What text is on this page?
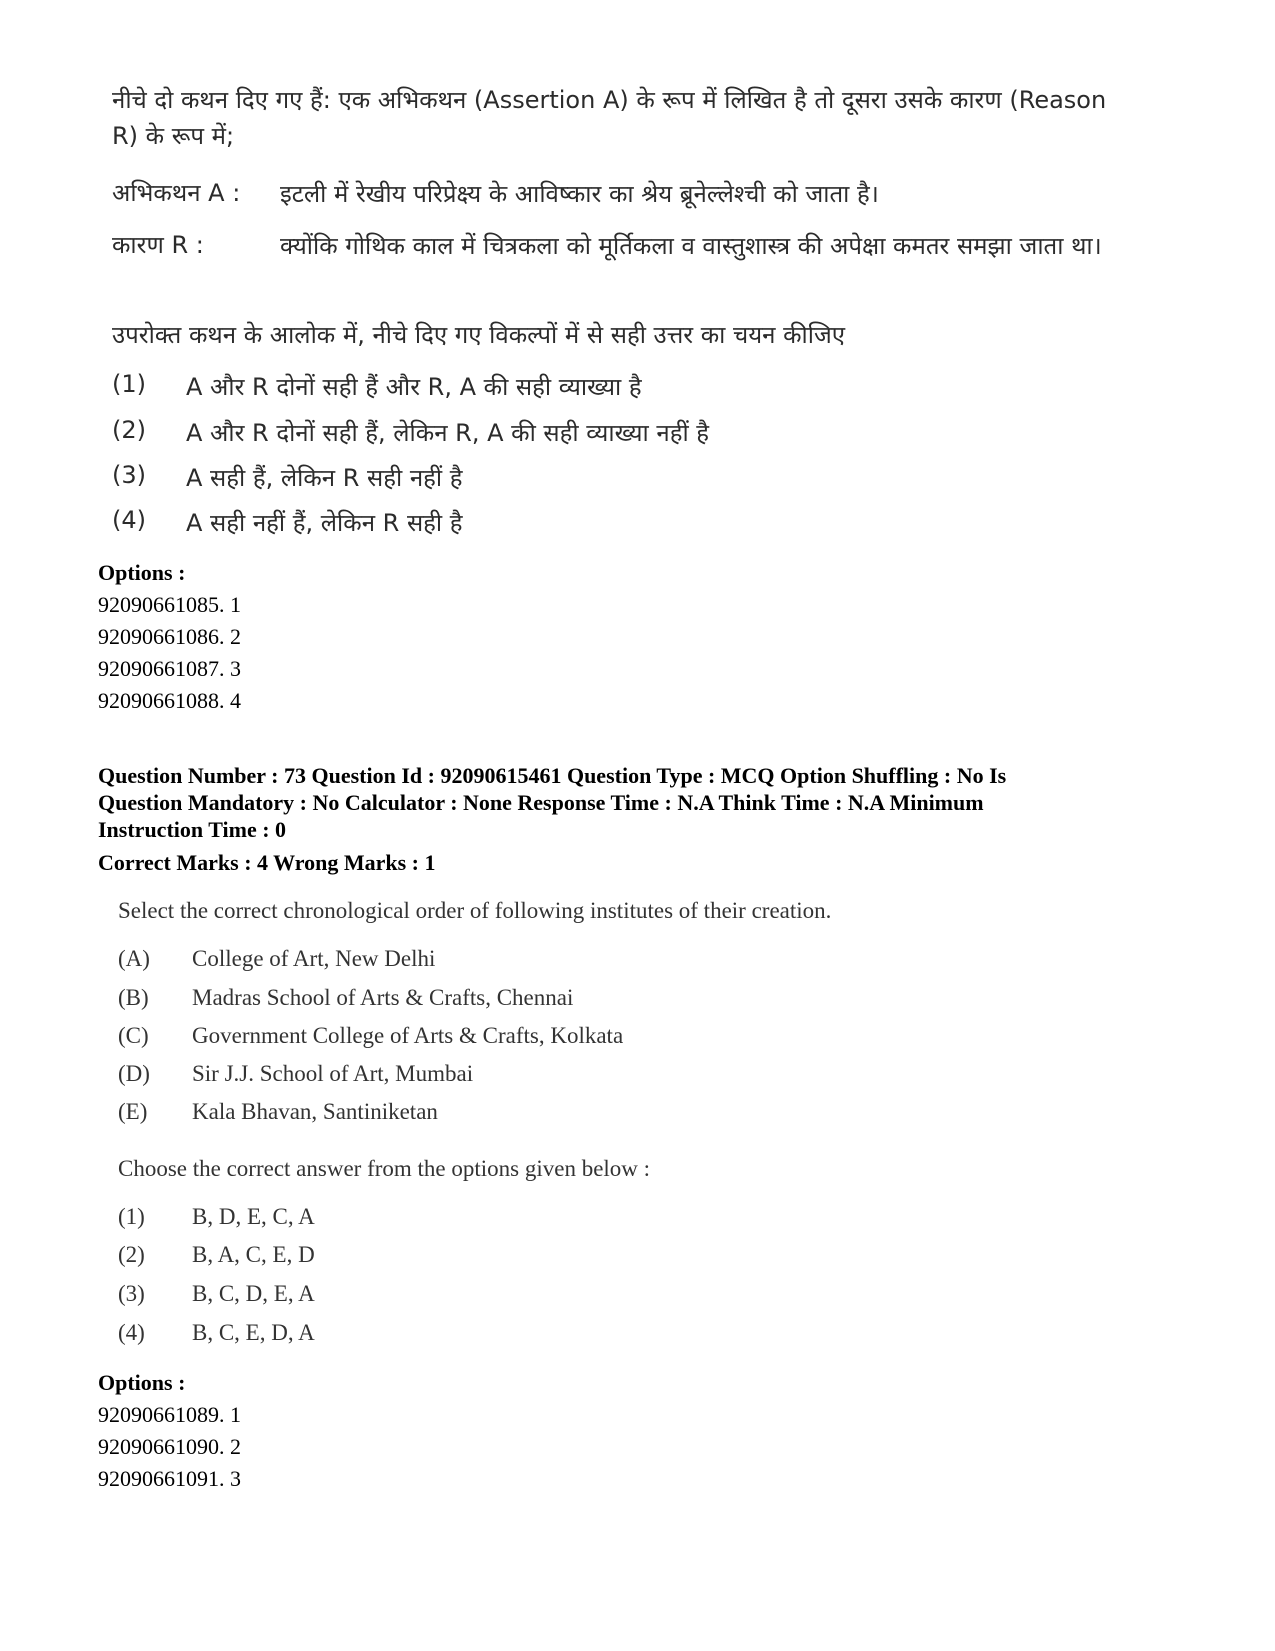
नीचे दो कथन दिए गए हैं: एक अभिकथन (Assertion A) के रूप में लिखित है तो दूसरा उसके कारण (Reason R) के रूप में;
अभिकथन A :	इटली में रेखीय परिप्रेक्ष्य के आविष्कार का श्रेय ब्रूनेल्लेश्ची को जाता है।
कारण R :	क्योंकि गोथिक काल में चित्रकला को मूर्तिकला व वास्तुशास्त्र की अपेक्षा कमतर समझा जाता था।
उपरोक्त कथन के आलोक में, नीचे दिए गए विकल्पों में से सही उत्तर का चयन कीजिए
(1)	A और R दोनों सही हैं और R, A की सही व्याख्या है
(2)	A और R दोनों सही हैं, लेकिन R, A की सही व्याख्या नहीं है
(3)	A सही हैं, लेकिन R सही नहीं है
(4)	A सही नहीं हैं, लेकिन R सही है
Options :
92090661085. 1
92090661086. 2
92090661087. 3
92090661088. 4
Question Number : 73 Question Id : 92090615461 Question Type : MCQ Option Shuffling : No Is
Question Mandatory : No Calculator : None Response Time : N.A Think Time : N.A Minimum
Instruction Time : 0
Correct Marks : 4 Wrong Marks : 1
Select the correct chronological order of following institutes of their creation.
(A)	College of Art, New Delhi
(B)	Madras School of Arts & Crafts, Chennai
(C)	Government College of Arts & Crafts, Kolkata
(D)	Sir J.J. School of Art, Mumbai
(E)	Kala Bhavan, Santiniketan
Choose the correct answer from the options given below :
(1)	B, D, E, C, A
(2)	B, A, C, E, D
(3)	B, C, D, E, A
(4)	B, C, E, D, A
Options :
92090661089. 1
92090661090. 2
92090661091. 3
